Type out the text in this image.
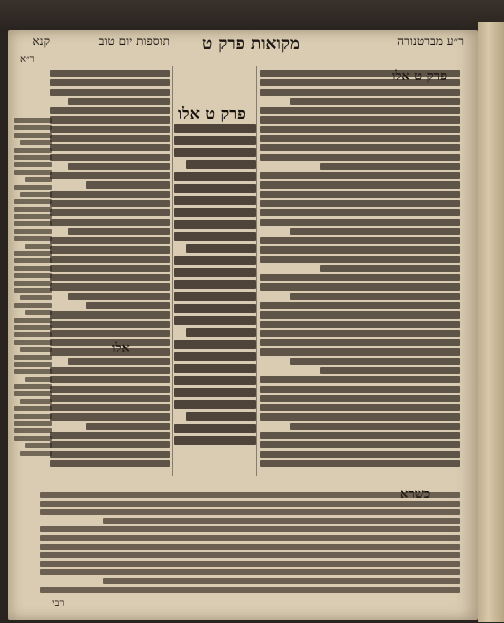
ר״ע מברטנורה
מקואות פרק ט
תוספות יום טוב
קנא
ר״א
פרק ט אלו
רבי
